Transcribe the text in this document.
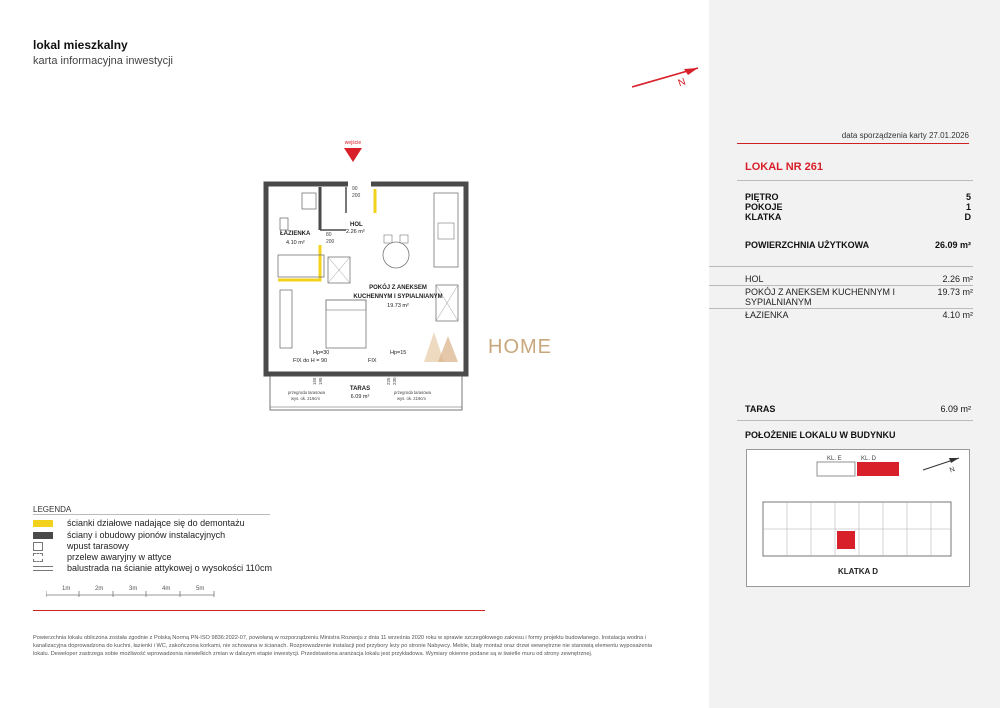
lokal mieszkalny
karta informacyjna inwestycji
N
wejście
ŁAZIENKA
4.10 m²
80
200
HOL
2.26 m²
90
200
POKÓJ Z ANEKSEM
KUCHENNYM I SYPIALNIANYM
19.73 m²
Hp=30	Hp=15
FIX do H = 90	FIX
155 195	225 230
TARAS
6.09 m²
przegroda tarasowa
wys. ok. 219cm
przegroda tarasowa
wys. ok. 219cm
HOME
LEGENDA
ścianki działowe nadające się do demontażu
ściany i obudowy pionów instalacyjnych
wpust tarasowy
przelew awaryjny w attyce
balustrada na ścianie attykowej o wysokości 110cm
1m	2m	3m	4m	5m
Powierzchnia lokalu obliczona została zgodnie z Polską Normą PN-ISO 9836:2022-07, powołaną w rozporządzeniu Ministra Rozwoju z dnia 11 września 2020 roku w sprawie szczegółowego zakresu i formy projektu budowlanego. Instalacja wodna i kanalizacyjna doprowadzona do kuchni, łazienki i WC, zakończona korkami, nie schowana w ścianach. Rozprowadzenie instalacji pod przybory leży po stronie Nabywcy. Meble, biały montaż oraz drzwi wewnętrzne nie stanowią elementu wyposażenia lokalu. Deweloper zastrzega sobie możliwość wprowadzenia niewielkich zmian w dalszym etapie inwestycji. Przedstawiona aranżacja lokalu jest przykładowa. Wymiary okienne podane są w świetle muru od strony zewnętrznej.
data sporządzenia karty 27.01.2026
LOKAL NR 261
PIĘTRO	5
POKOJE	1
KLATKA	D
POWIERZCHNIA UŻYTKOWA	26.09 m²
HOL	2.26 m²
POKÓJ Z ANEKSEM KUCHENNYM I SYPIALNIANYM
19.73 m²
ŁAZIENKA	4.10 m²
TARAS	6.09 m²
POŁOŻENIE LOKALU W BUDYNKU
KL. E	KL. D
N
KLATKA D
